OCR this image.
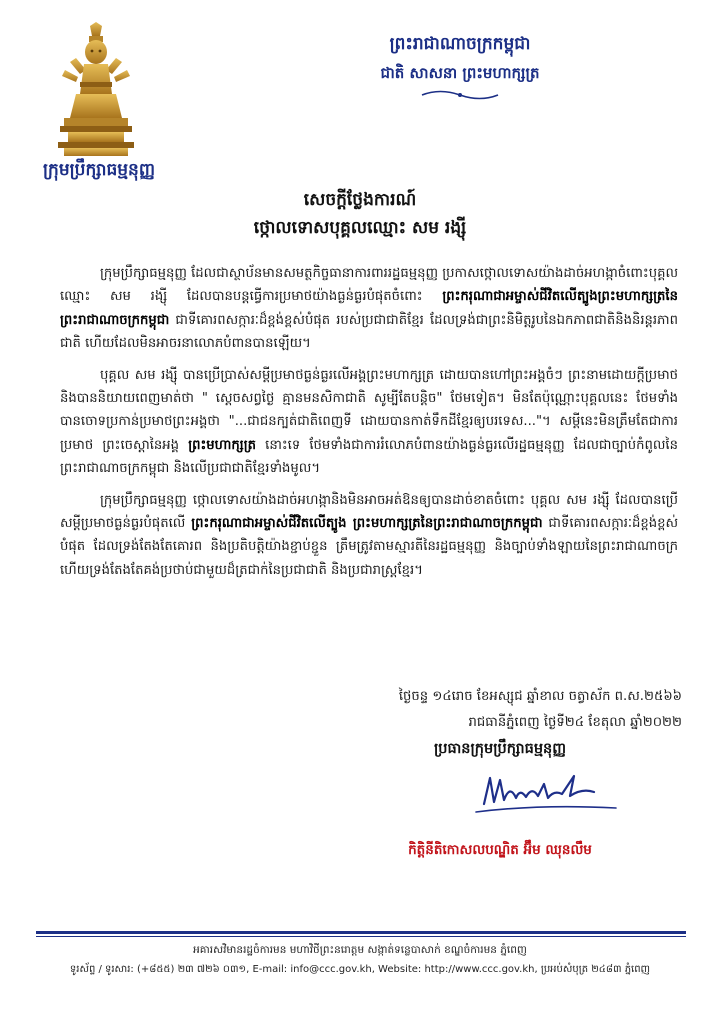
ក្រុមប្រឹក្សាធម្មនុញ្ញ
ព្រះរាជាណាចក្រកម្ពុជា
ជាតិ សាសនា ព្រះមហាក្សត្រ
សេចក្ដីថ្លែងការណ៍
ថ្កោលទោសបុគ្គលឈ្មោះ សម រង្ស៊ី

ក្រុមប្រឹក្សាធម្មនុញ្ញ ដែលជាស្ថាប័នមានសមត្ថកិច្ចធានាការពាររដ្ឋធម្មនុញ្ញ ប្រកាសថ្កោលទោសយ៉ាងដាច់អហង្កាចំពោះបុគ្គលឈ្មោះ សម រង្ស៊ី ដែលបានបន្តធ្វើការប្រមាថយ៉ាងធ្ងន់ធ្ងរបំផុតចំពោះ ព្រះករុណាជាអម្ចាស់ជីវិតលើត្បូងព្រះមហាក្សត្រនៃព្រះរាជាណាចក្រកម្ពុជា ជាទីគោរពសក្ការៈដ៏ខ្ពង់ខ្ពស់បំផុត របស់ប្រជាជាតិខ្មែរ ដែលទ្រង់ជាព្រះនិមិត្តរូបនៃឯកភាពជាតិនិងនិរន្តរភាពជាតិ ហើយដែលមិនអាចរនាលោភបំពានបានឡើយ។

បុគ្គល សម រង្ស៊ី បានប្រើប្រាស់សម្ដីប្រមាថធ្ងន់ធ្ងរលើអង្គព្រះមហាក្សត្រ ដោយបានហៅព្រះអង្គចំៗ ព្រះនាមដោយក្ដីប្រមាថ និងបាននិយាយពេញមាត់ថា " ស្ដេចសព្វថ្ងៃ គ្មានមនសិកាជាតិ សូម្បីតែបន្តិច" ថែមទៀត។ មិនតែប៉ុណ្ណោះបុគ្គលនេះ ថែមទាំងបានចោទប្រកាន់ប្រមាថព្រះអង្គថា "...ជាជនក្បត់ជាតិពេញទី ដោយបានកាត់ទឹកដីខ្មែរឲ្យបរទេស..."។ សម្ដីនេះមិនត្រឹមតែជាការប្រមាថ ព្រះចេស្ដានៃអង្គ ព្រះមហាក្សត្រ នោះទេ ថែមទាំងជាការរំលោភបំពានយ៉ាងធ្ងន់ធ្ងរលើរដ្ឋធម្មនុញ្ញ ដែលជាច្បាប់កំពូលនៃព្រះរាជាណាចក្រកម្ពុជា និងលើប្រជាជាតិខ្មែរទាំងមូល។

ក្រុមប្រឹក្សាធម្មនុញ្ញ ថ្កោលទោសយ៉ាងដាច់អហង្កានិងមិនអាចអត់ឱនឲ្យបានដាច់ខាតចំពោះ បុគ្គល សម រង្ស៊ី ដែលបានប្រើសម្ដីប្រមាថធ្ងន់ធ្ងរបំផុតលើ ព្រះករុណាជាអម្ចាស់ជីវិតលើត្បូង ព្រះមហាក្សត្រនៃព្រះរាជាណាចក្រកម្ពុជា ជាទីគោរពសក្ការៈដ៏ខ្ពង់ខ្ពស់បំផុត ដែលទ្រង់តែងតែគោរព និងប្រតិបត្តិយ៉ាងខ្ជាប់ខ្ជួន ត្រឹមត្រូវតាមស្មារតីនៃរដ្ឋធម្មនុញ្ញ និងច្បាប់ទាំងឡាយនៃព្រះរាជាណាចក្រ ហើយទ្រង់តែងតែគង់ប្រថាប់ជាមួយដ៏ត្រជាក់នៃប្រជាជាតិ និងប្រជារាស្ត្រខ្មែរ។

ថ្ងៃចន្ទ ១៤រោច ខែអស្សុជ ឆ្នាំខាល ចត្វាស័ក ព.ស.២៥៦៦
រាជធានីភ្នំពេញ ថ្ងៃទី២៤ ខែតុលា ឆ្នាំ២០២២
ប្រធានក្រុមប្រឹក្សាធម្មនុញ្ញ
កិត្តិនីតិកោសលបណ្ឌិត អ៊ឹម ឈុនលឹម
អគារសវិមានរដ្ឋចំការមន មហាវិថីព្រះនរោត្តម សង្កាត់ទន្លេបាសាក់ ខណ្ឌចំការមន ភ្នំពេញ
ទូរស័ព្ទ / ទូរសារ: (+៨៥៥) ២៣ ៧២៦ ០៣១, E-mail: info@ccc.gov.kh, Website: http://www.ccc.gov.kh, ប្រអប់សំបុត្រ ២៤៨៣ ភ្នំពេញ
